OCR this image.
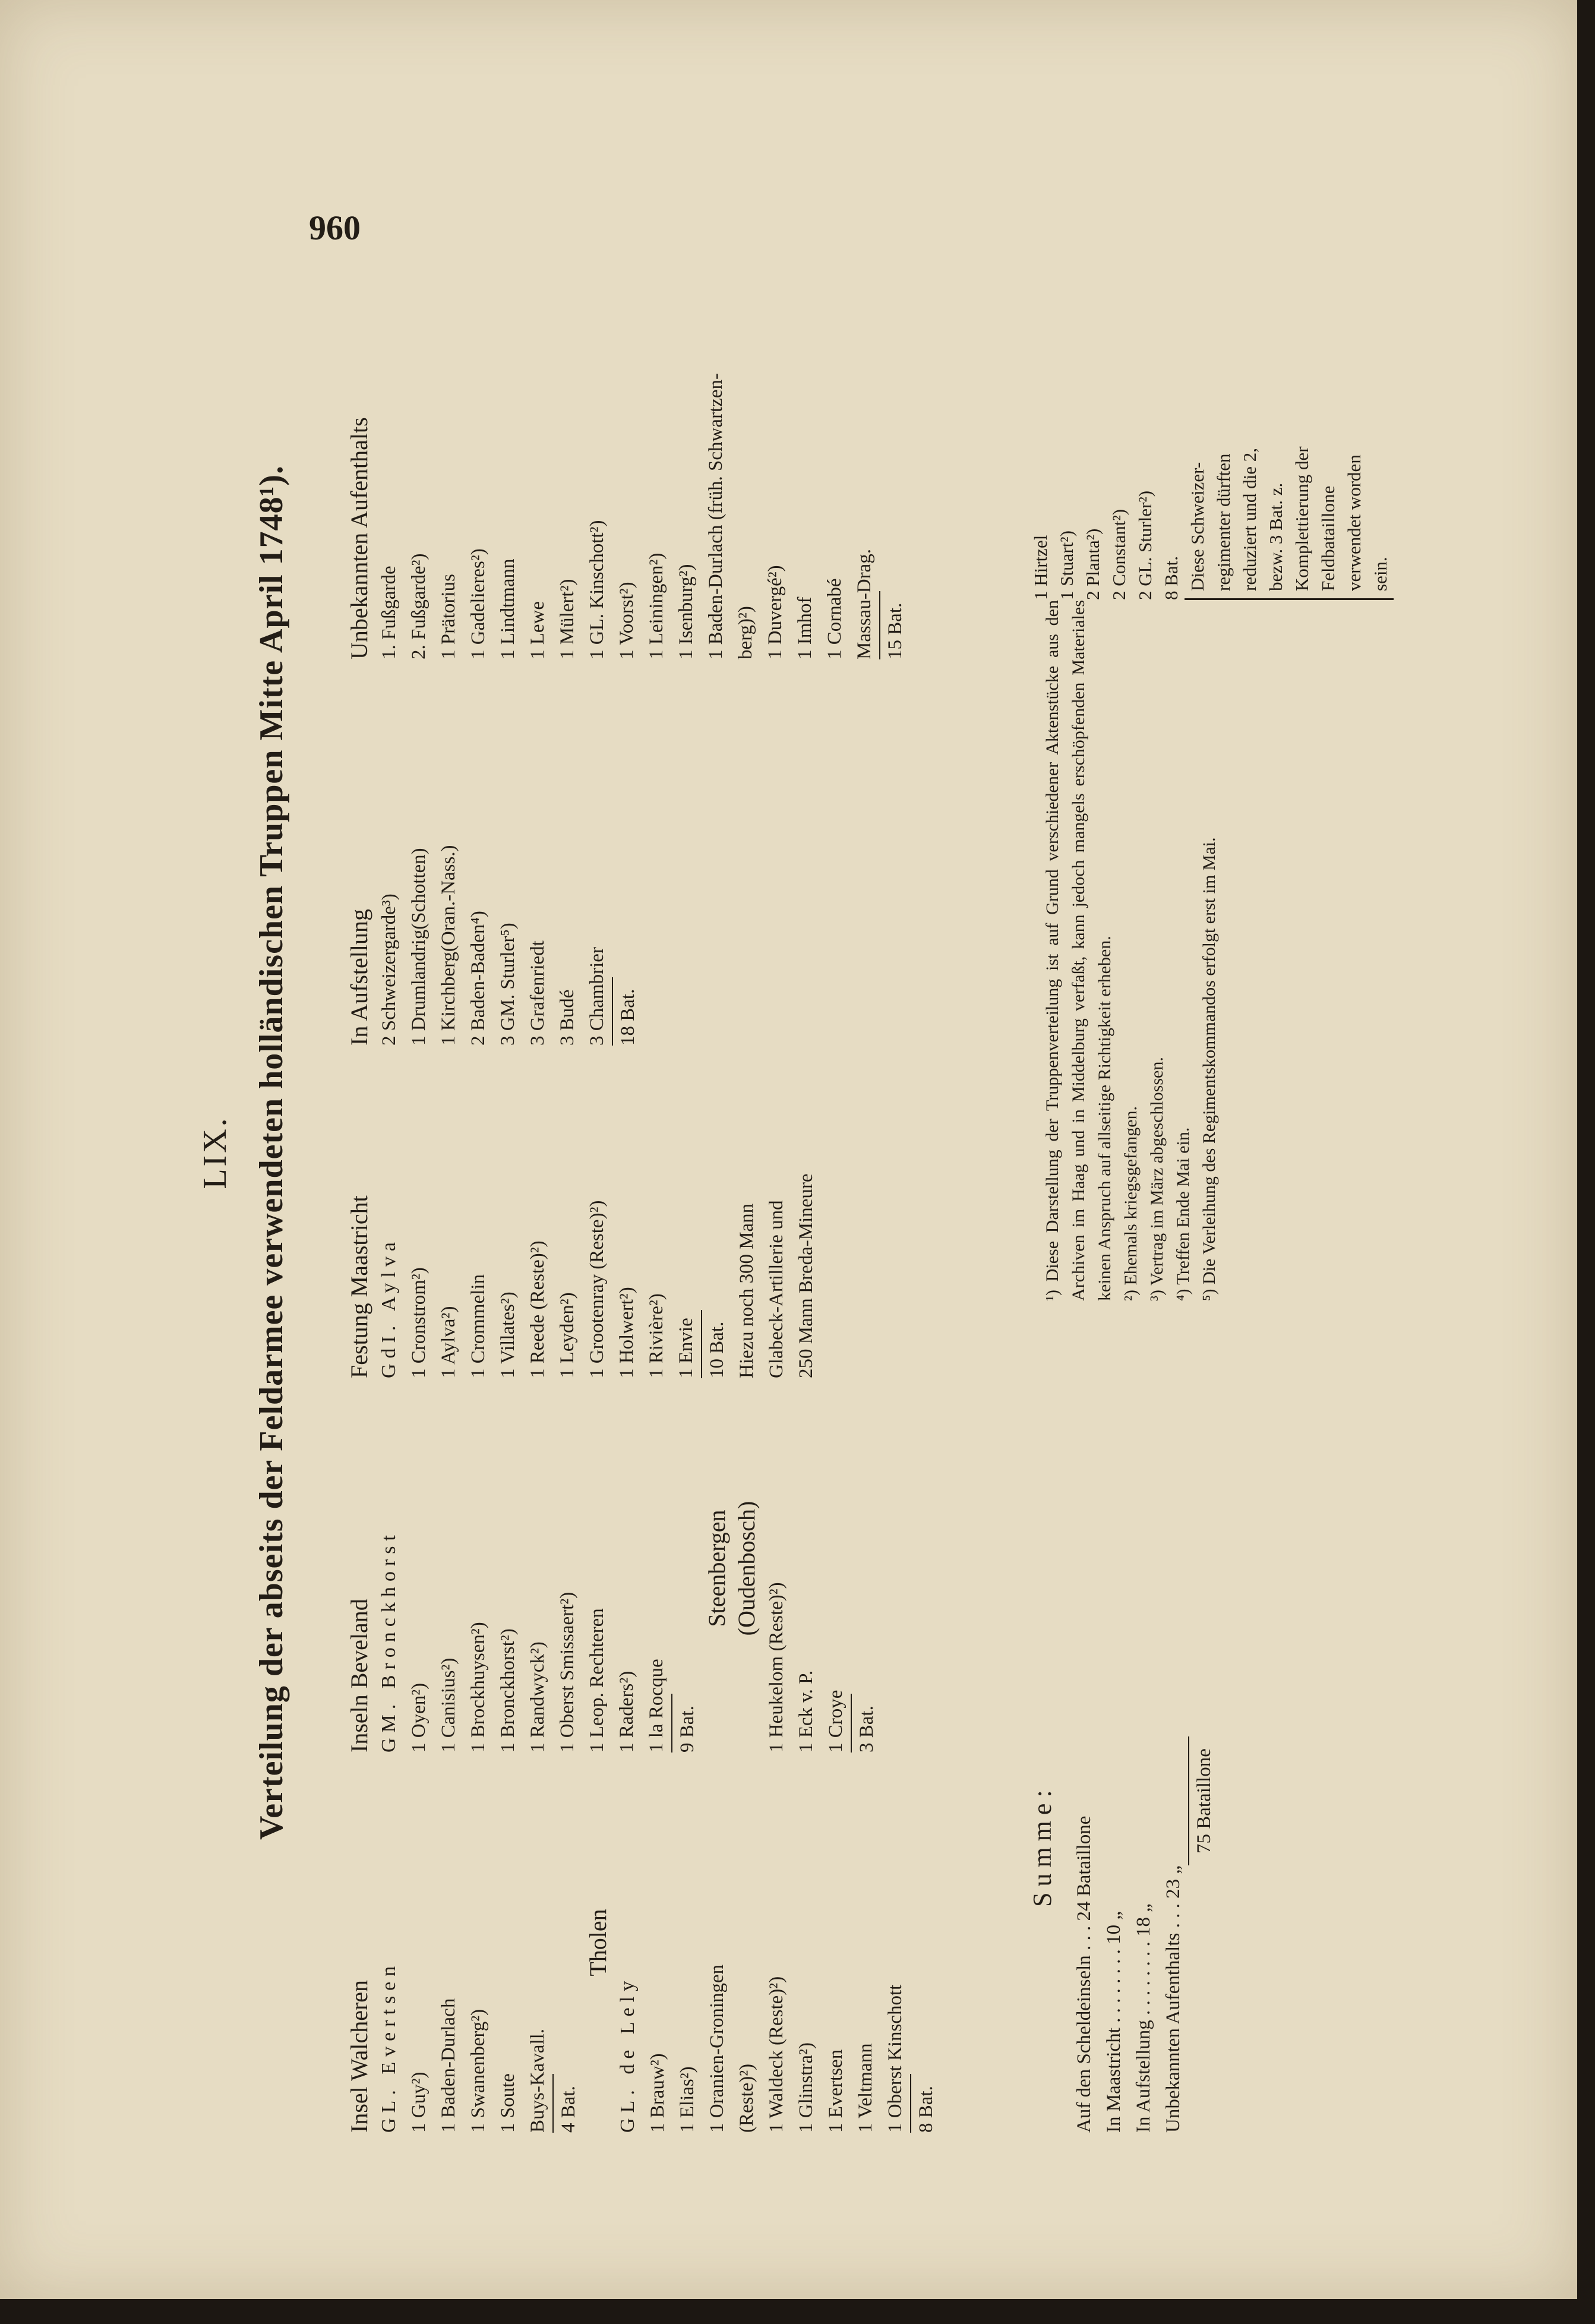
960
LIX. Verteilung der abseits der Feldarmee verwendeten holländischen Truppen Mitte April 1748¹).
Insel Walcheren GL. Evertsen 1 Guy²) 1 Baden-Durlach 1 Swanenberg²) 1 Soute Buys-Kavall. 4 Bat.
Tholen
GL. de Lely 1 Brauw²) 1 Elias²) 1 Oranien-Groningen (Reste)²) 1 Waldeck (Reste)²) 1 Glinstra²) 1 Evertsen 1 Veltmann 1 Oberst Kinschott 8 Bat.
Inseln Beveland GM. Bronckhorst 1 Oyen²) 1 Canisius²) 1 Brockhuysen²) 1 Bronckhorst²) 1 Randwyck²) 1 Oberst Smissaert²) 1 Leop. Rechteren 1 Raders²) 1 la Rocque 9 Bat.
Steenbergen (Oudenbosch)
1 Heukelom (Reste)²) 1 Eck v. P. 1 Croye 3 Bat.
Festung Maastricht GdI. Aylva 1 Cronstrom²) 1 Aylva²) 1 Crommelin 1 Villates²) 1 Reede (Reste)²) 1 Leyden²) 1 Grootenray (Reste)²) 1 Holwert²) 1 Rivière²) 1 Envie 10 Bat. Hiezu noch 300 Mann Glabeck-Artillerie und 250 Mann Breda-Mineure
In Aufstellung 2 Schweizergarde³) 1 Drumlandrig(Schotten) 1 Kirchberg(Oran.-Nass.) 2 Baden-Baden⁴) 3 GM. Sturler⁵) 3 Grafenriedt 3 Budé 3 Chambrier 18 Bat.
Unbekannten Aufenthalts 1. Fußgarde 2. Fußgarde²) 1 Prätorius 1 Gadelieres²) 1 Lindtmann 1 Lewe 1 Mülert²) 1 GL. Kinschott²) 1 Voorst²) 1 Leiningen²) 1 Isenburg²) 1 Baden-Durlach (früh. Schwartzen- berg)²) 1 Duvergé²) 1 Imhof 1 Cornabé Massau-Drag. 15 Bat.
Summe: Auf den Scheldeinseln . . . 24 Bataillone In Maastricht . . . . . . . . 10 „ In Aufstellung . . . . . . . . 18 „ Unbekannten Aufenthalts . . . 23 „
75 Bataillone
¹) Diese Darstellung der Truppenverteilung ist auf Grund verschiedener Aktenstücke aus den Archiven im Haag und in Middelburg verfaßt, kann jedoch mangels erschöpfenden Materiales keinen Anspruch auf allseitige Richtigkeit erheben. ²) Ehemals kriegsgefangen. ³) Vertrag im März abgeschlossen. ⁴) Treffen Ende Mai ein. ⁵) Die Verleihung des Regimentskommandos erfolgt erst im Mai.
1 Hirtzel 1 Stuart²) 2 Planta²) 2 Constant²) 2 GL. Sturler²) 8 Bat. Diese Schweizer-regimenter dürften reduziert und die 2, bezw. 3 Bat. z. Komplettierung der Feldbataillone verwendet worden sein.
